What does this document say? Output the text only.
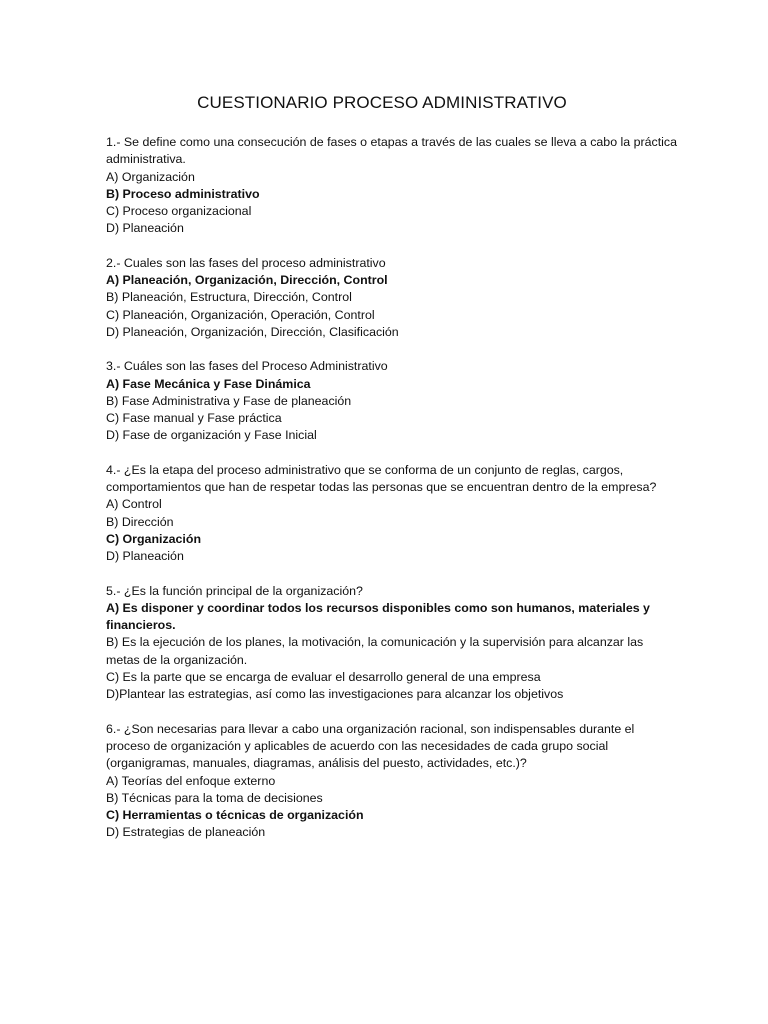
CUESTIONARIO PROCESO ADMINISTRATIVO

1.- Se define como una consecución de fases o etapas a través de las cuales se lleva a cabo la práctica administrativa.

A) Organización

B) Proceso administrativo

C) Proceso organizacional

D) Planeación

2.- Cuales son las fases del proceso administrativo

A) Planeación, Organización, Dirección, Control

B) Planeación, Estructura, Dirección, Control

C) Planeación, Organización, Operación, Control

D) Planeación, Organización, Dirección, Clasificación

3.- Cuáles son las fases del Proceso Administrativo

A) Fase Mecánica y Fase Dinámica

B) Fase Administrativa y Fase de planeación

C) Fase manual y Fase práctica

D) Fase de organización y Fase Inicial

4.- ¿Es la etapa del proceso administrativo que se conforma de un conjunto de reglas, cargos, comportamientos que han de respetar todas las personas que se encuentran dentro de la empresa?

A) Control

B) Dirección

C) Organización

D) Planeación

5.- ¿Es la función principal de la organización?

A) Es disponer y coordinar todos los recursos disponibles como son humanos, materiales y financieros.

B) Es la ejecución de los planes, la motivación, la comunicación y la supervisión para alcanzar las metas de la organización.

C) Es la parte que se encarga de evaluar el desarrollo general de una empresa

D)Plantear las estrategias, así como las investigaciones para alcanzar los objetivos

6.- ¿Son necesarias para llevar a cabo una organización racional, son indispensables durante el proceso de organización y aplicables de acuerdo con las necesidades de cada grupo social (organigramas, manuales, diagramas, análisis del puesto, actividades, etc.)?

A) Teorías del enfoque externo

B) Técnicas para la toma de decisiones

C) Herramientas o técnicas de organización

D) Estrategias de planeación
